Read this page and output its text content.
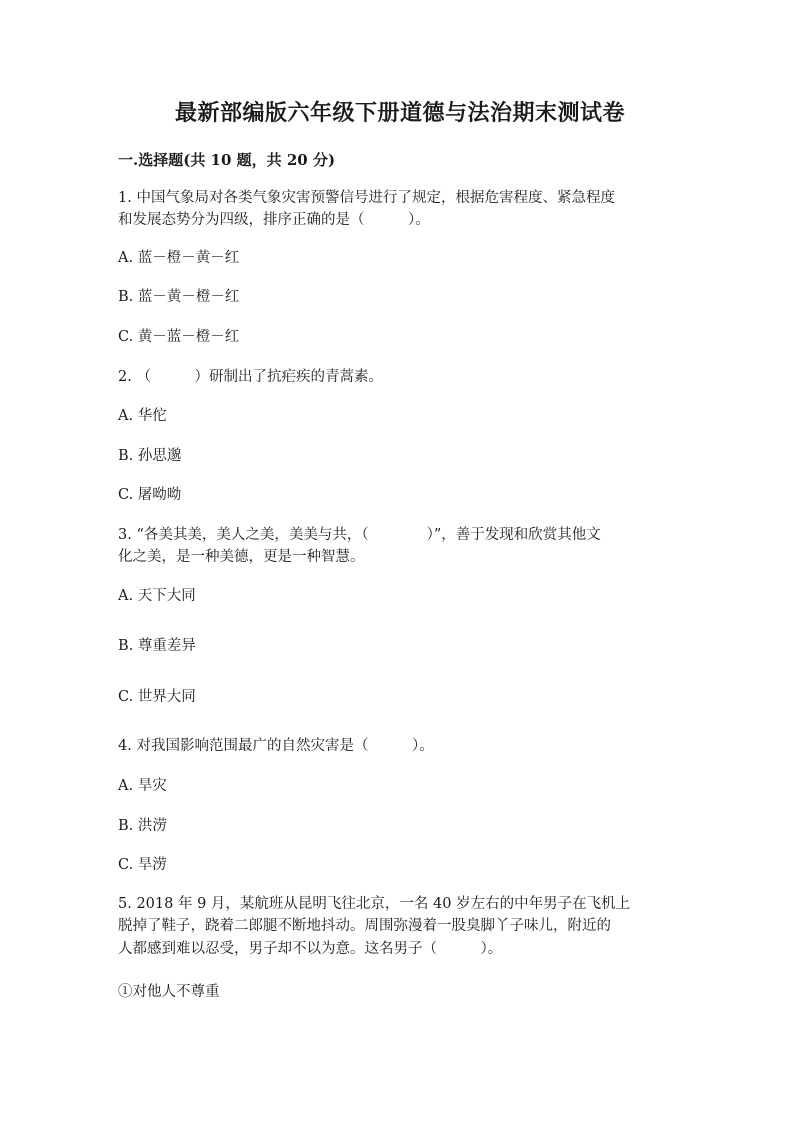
最新部编版六年级下册道德与法治期末测试卷
一.选择题(共 10 题，共 20 分)
1. 中国气象局对各类气象灾害预警信号进行了规定，根据危害程度、紧急程度
和发展态势分为四级，排序正确的是（　　　）。
A. 蓝－橙－黄－红
B. 蓝－黄－橙－红
C. 黄－蓝－橙－红
2. （　　　）研制出了抗疟疾的青蒿素。
A. 华佗
B. 孙思邈
C. 屠呦呦
3. “各美其美，美人之美，美美与共，（　　　　）”，善于发现和欣赏其他文
化之美，是一种美德，更是一种智慧。
A. 天下大同
B. 尊重差异
C. 世界大同
4. 对我国影响范围最广的自然灾害是（　　　）。
A. 旱灾
B. 洪涝
C. 旱涝
5. 2018 年 9 月，某航班从昆明飞往北京，一名 40 岁左右的中年男子在飞机上
脱掉了鞋子，跷着二郎腿不断地抖动。周围弥漫着一股臭脚丫子味儿，附近的
人都感到难以忍受，男子却不以为意。这名男子（　　　）。
①对他人不尊重
